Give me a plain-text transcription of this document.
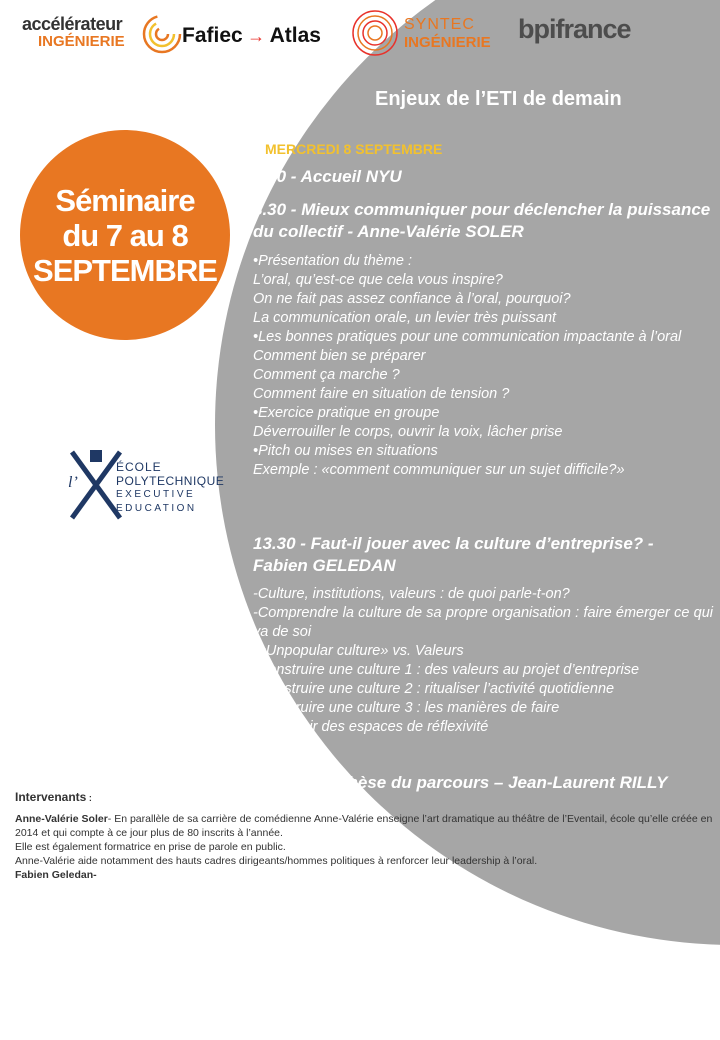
accélérateur
INGÉNIERIE	Fafiec → Atlas	SYNTEC
INGÉNIERIE bpifrance
Enjeux de l’ETI de demain
Séminaire
du 7 au 8
SEPTEMBRE
MERCREDI 8 SEPTEMBRE
8.00 - Accueil NYU
8.30 - Mieux communiquer pour déclencher la puissance du collectif - Anne-Valérie SOLER
•Présentation du thème :
L’oral, qu’est-ce que cela vous inspire?
On ne fait pas assez confiance à l’oral, pourquoi?
La communication orale, un levier très puissant
•Les bonnes pratiques pour une communication impactante à l’oral
Comment bien se préparer
Comment ça marche ?
Comment faire en situation de tension ?
•Exercice pratique en groupe
Déverrouiller le corps, ouvrir la voix, lâcher prise
•Pitch ou mises en situations
Exemple : «comment communiquer sur un sujet difficile?»
13.30 - Faut-il jouer avec la culture d’entreprise? - Fabien GELEDAN
-Culture, institutions, valeurs : de quoi parle-t-on?
-Comprendre la culture de sa propre organisation : faire émerger ce qui va de soi
-«Unpopular culture» vs. Valeurs
-Construire une culture 1 : des valeurs au projet d’entreprise
-Construire une culture 2 : ritualiser l’activité quotidienne
-Construire une culture 3 : les manières de faire
-Maintenir des espaces de réflexivité
16.30 - Synthèse du parcours – Jean-Laurent RILLY
En partenariat
avec
l’
ÉCOLE
POLYTECHNIQUE
EXECUTIVE
EDUCATION
Lieu :
New York University Paris
57 Boulevard Saint-
Germain
75005 Paris
Le déjeuner est pris
en commun sur place.
Intervenants :
Anne-Valérie Soler- En parallèle de sa carrière de comédienne Anne-Valérie enseigne l’art dramatique au théâtre de l’Eventail, école qu’elle créée en 2014 et qui compte à ce jour plus de 80 inscrits à l’année.
Elle est également formatrice en prise de parole en public.
Anne-Valérie aide notamment des hauts cadres dirigeants/hommes politiques à renforcer leur leadership à l’oral.
Fabien Geledan-
